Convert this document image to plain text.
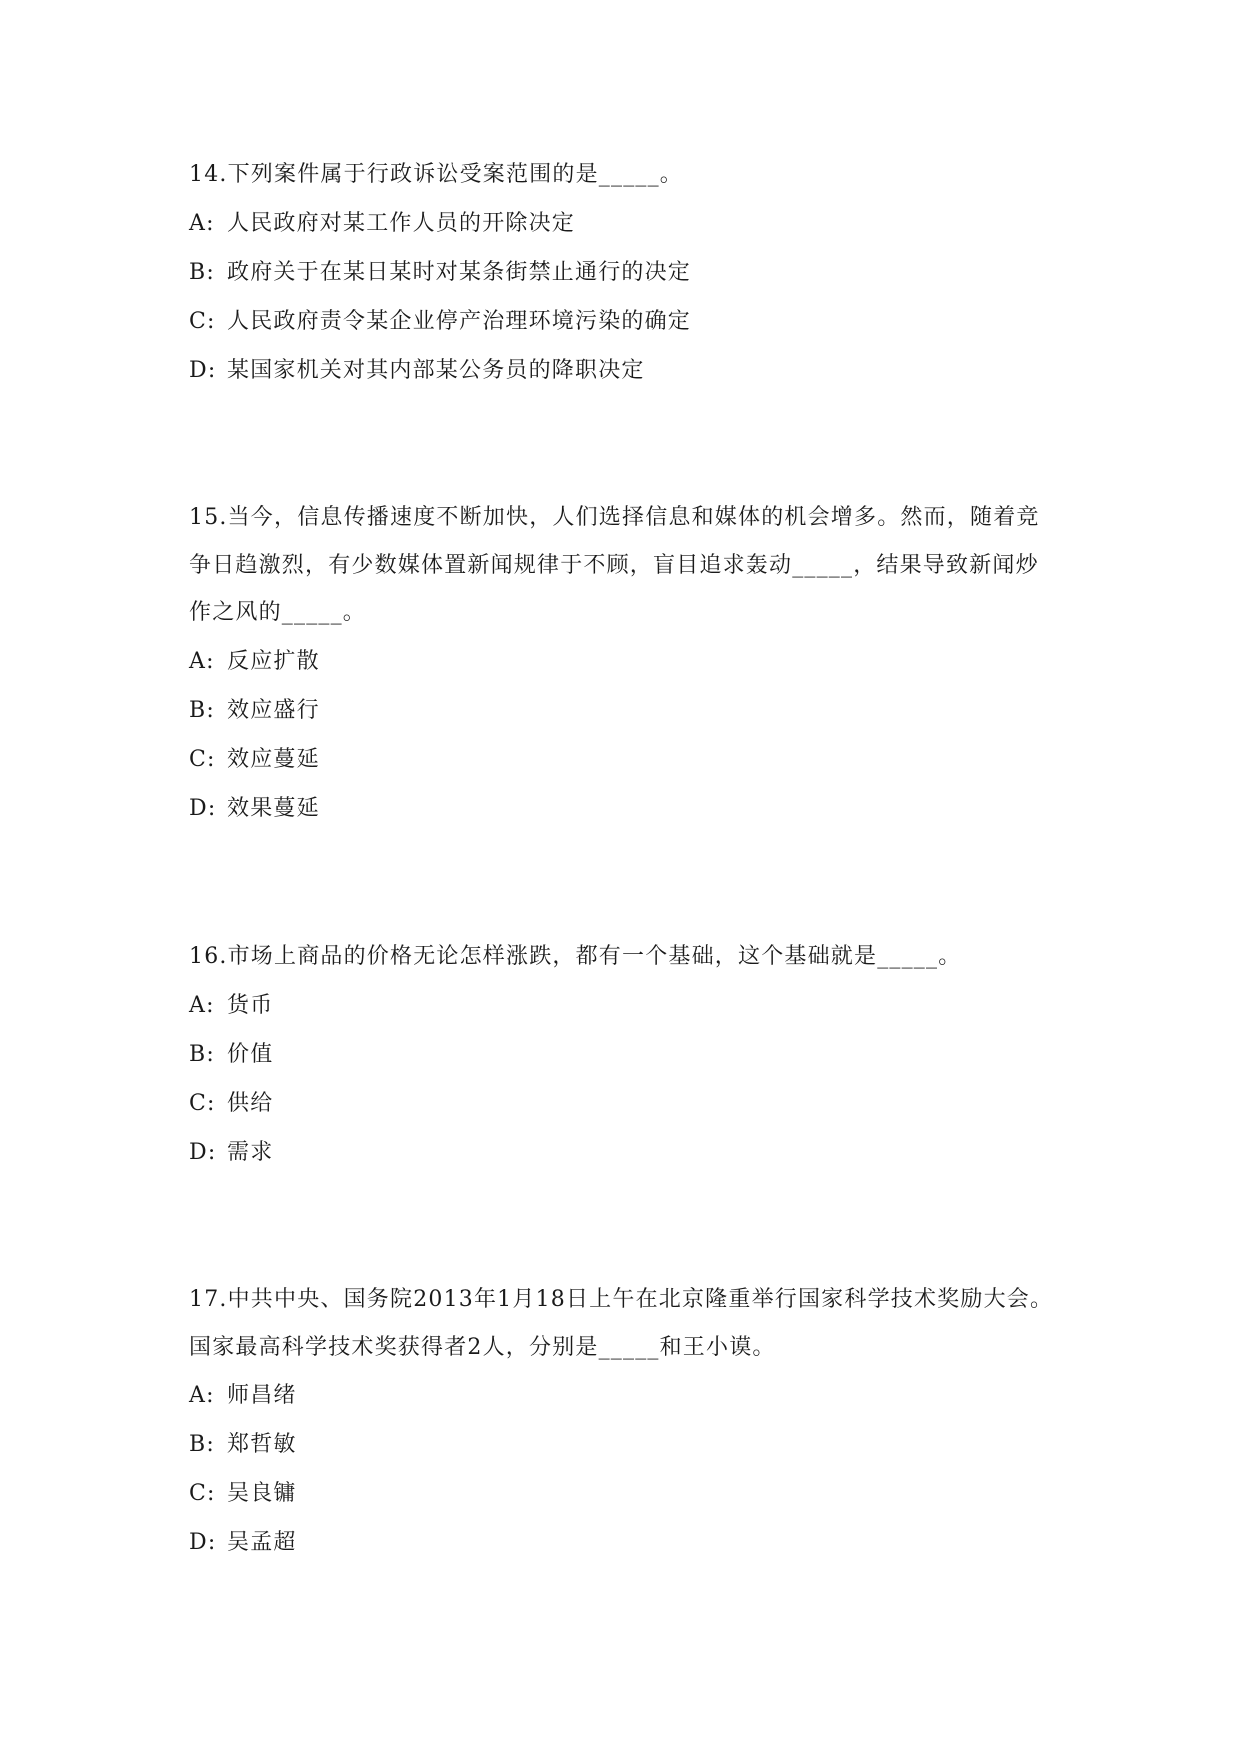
14.下列案件属于行政诉讼受案范围的是_____。

A: 人民政府对某工作人员的开除决定
B: 政府关于在某日某时对某条街禁止通行的决定
C: 人民政府责令某企业停产治理环境污染的确定
D: 某国家机关对其内部某公务员的降职决定

15.当今，信息传播速度不断加快，人们选择信息和媒体的机会增多。然而，随着竞争日趋激烈，有少数媒体置新闻规律于不顾，盲目追求轰动_____，结果导致新闻炒作之风的_____。

A: 反应扩散
B: 效应盛行
C: 效应蔓延
D: 效果蔓延

16.市场上商品的价格无论怎样涨跌，都有一个基础，这个基础就是_____。

A: 货币
B: 价值
C: 供给
D: 需求

17.中共中央、国务院2013年1月18日上午在北京隆重举行国家科学技术奖励大会。国家最高科学技术奖获得者2人，分别是_____和王小谟。

A: 师昌绪
B: 郑哲敏
C: 吴良镛
D: 吴孟超
